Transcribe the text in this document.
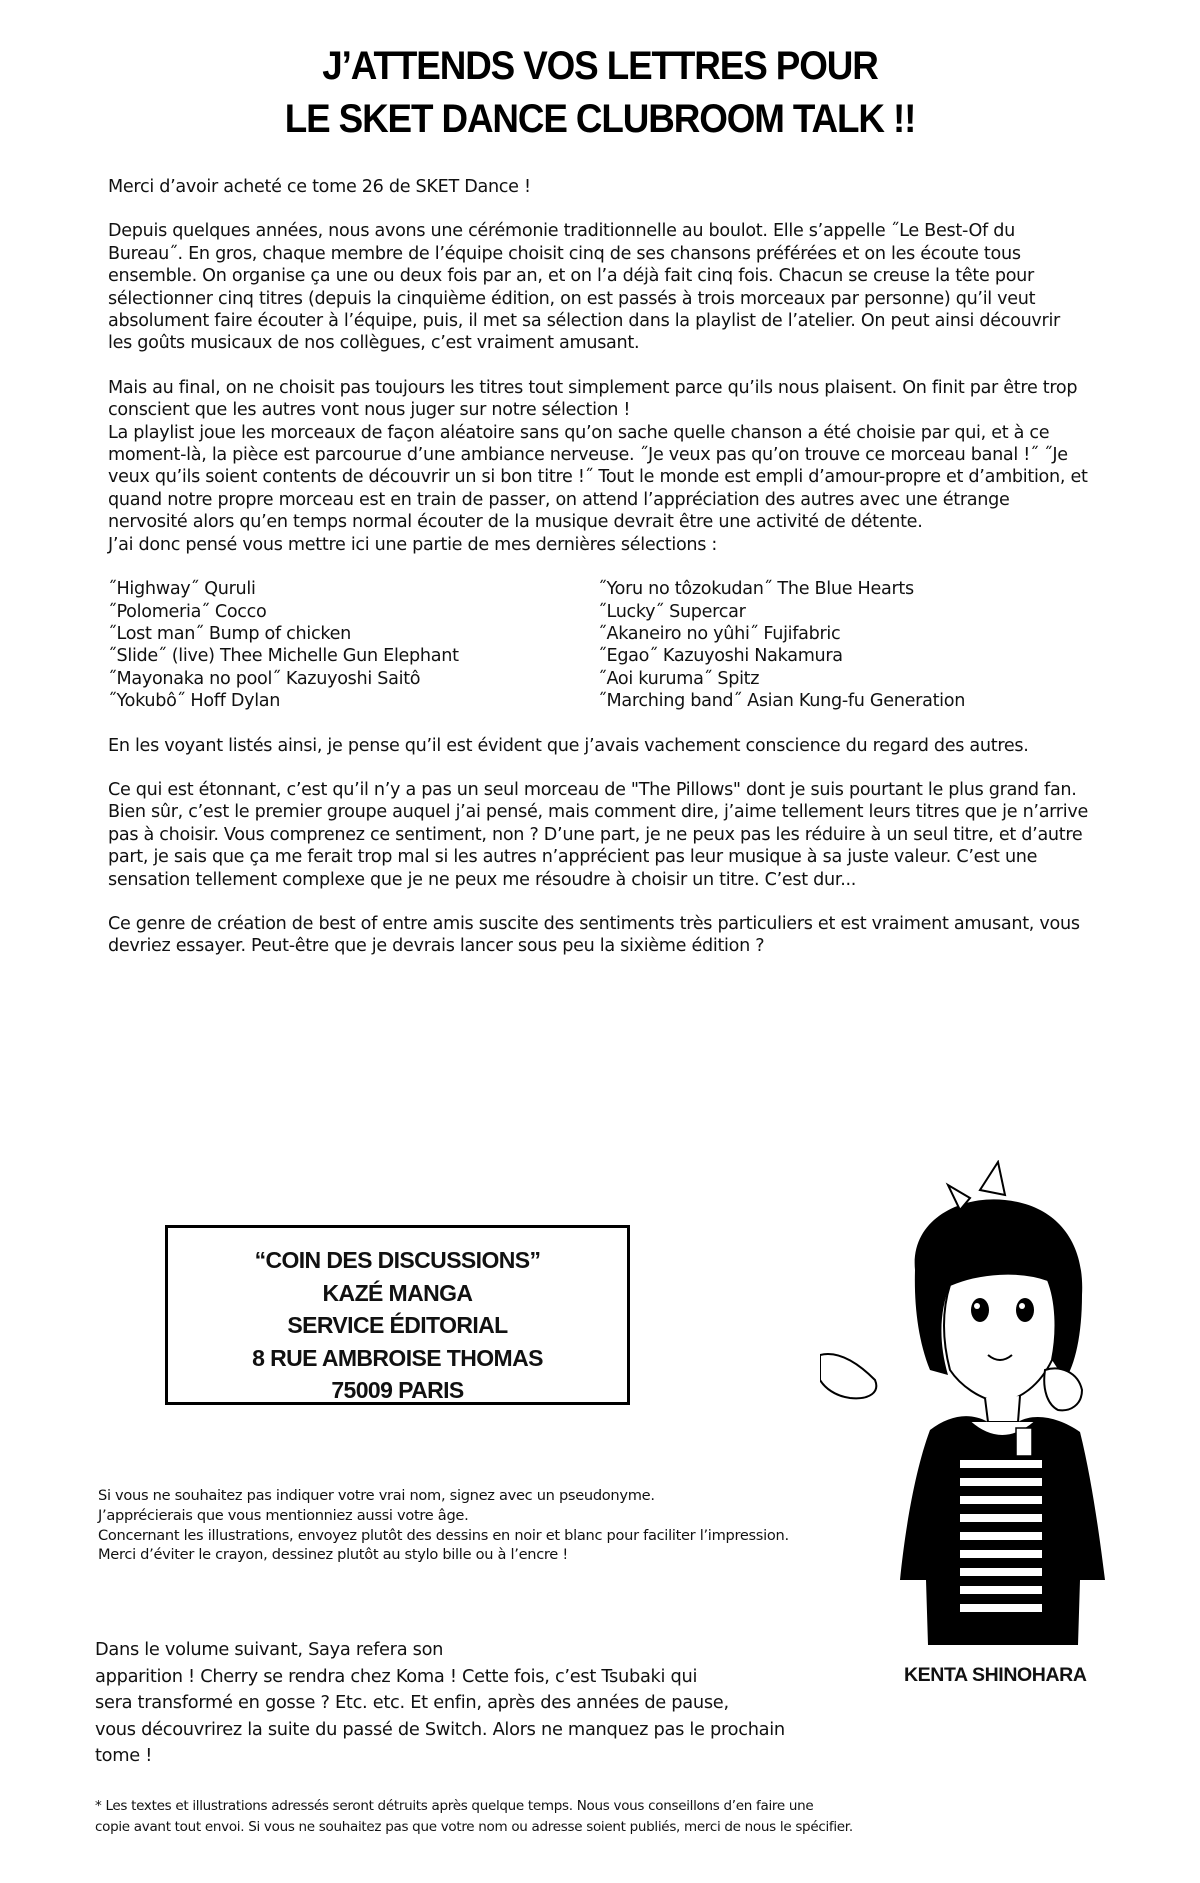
J’ATTENDS VOS LETTRES POUR
LE SKET DANCE CLUBROOM TALK !!

Merci d’avoir acheté ce tome 26 de SKET Dance !

Depuis quelques années, nous avons une cérémonie traditionnelle au boulot. Elle s’appelle ˝Le Best-Of du Bureau˝. En gros, chaque membre de l’équipe choisit cinq de ses chansons préférées et on les écoute tous ensemble. On organise ça une ou deux fois par an, et on l’a déjà fait cinq fois. Chacun se creuse la tête pour sélectionner cinq titres (depuis la cinquième édition, on est passés à trois morceaux par personne) qu’il veut absolument faire écouter à l’équipe, puis, il met sa sélection dans la playlist de l’atelier. On peut ainsi découvrir les goûts musicaux de nos collègues, c’est vraiment amusant.

Mais au final, on ne choisit pas toujours les titres tout simplement parce qu’ils nous plaisent. On finit par être trop conscient que les autres vont nous juger sur notre sélection !

La playlist joue les morceaux de façon aléatoire sans qu’on sache quelle chanson a été choisie par qui, et à ce moment-là, la pièce est parcourue d’une ambiance nerveuse. ˝Je veux pas qu’on trouve ce morceau banal !˝ ˝Je veux qu’ils soient contents de découvrir un si bon titre !˝ Tout le monde est empli d’amour-propre et d’ambition, et quand notre propre morceau est en train de passer, on attend l’appréciation des autres avec une étrange nervosité alors qu’en temps normal écouter de la musique devrait être une activité de détente.

J’ai donc pensé vous mettre ici une partie de mes dernières sélections :

˝Highway˝ Quruli
˝Polomeria˝ Cocco
˝Lost man˝ Bump of chicken
˝Slide˝ (live) Thee Michelle Gun Elephant
˝Mayonaka no pool˝ Kazuyoshi Saitô
˝Yokubô˝ Hoff Dylan
˝Yoru no tôzokudan˝ The Blue Hearts
˝Lucky˝ Supercar
˝Akaneiro no yûhi˝ Fujifabric
˝Egao˝ Kazuyoshi Nakamura
˝Aoi kuruma˝ Spitz
˝Marching band˝ Asian Kung-fu Generation

En les voyant listés ainsi, je pense qu’il est évident que j’avais vachement conscience du regard des autres.

Ce qui est étonnant, c’est qu’il n’y a pas un seul morceau de "The Pillows" dont je suis pourtant le plus grand fan. Bien sûr, c’est le premier groupe auquel j’ai pensé, mais comment dire, j’aime tellement leurs titres que je n’arrive pas à choisir. Vous comprenez ce sentiment, non ? D’une part, je ne peux pas les réduire à un seul titre, et d’autre part, je sais que ça me ferait trop mal si les autres n’apprécient pas leur musique à sa juste valeur. C’est une sensation tellement complexe que je ne peux me résoudre à choisir un titre. C’est dur...

Ce genre de création de best of entre amis suscite des sentiments très particuliers et est vraiment amusant, vous devriez essayer. Peut-être que je devrais lancer sous peu la sixième édition ?

“COIN DES DISCUSSIONS”
KAZÉ MANGA
SERVICE ÉDITORIAL
8 RUE AMBROISE THOMAS
75009 PARIS
Si vous ne souhaitez pas indiquer votre vrai nom, signez avec un pseudonyme.
J’apprécierais que vous mentionniez aussi votre âge.
Concernant les illustrations, envoyez plutôt des dessins en noir et blanc pour faciliter l’impression.
Merci d’éviter le crayon, dessinez plutôt au stylo bille ou à l’encre !
Dans le volume suivant, Saya refera son
apparition ! Cherry se rendra chez Koma ! Cette fois, c’est Tsubaki qui
sera transformé en gosse ? Etc. etc. Et enfin, après des années de pause,
vous découvrirez la suite du passé de Switch. Alors ne manquez pas le prochain
tome !
KENTA SHINOHARA
* Les textes et illustrations adressés seront détruits après quelque temps. Nous vous conseillons d’en faire une
copie avant tout envoi. Si vous ne souhaitez pas que votre nom ou adresse soient publiés, merci de nous le spécifier.
